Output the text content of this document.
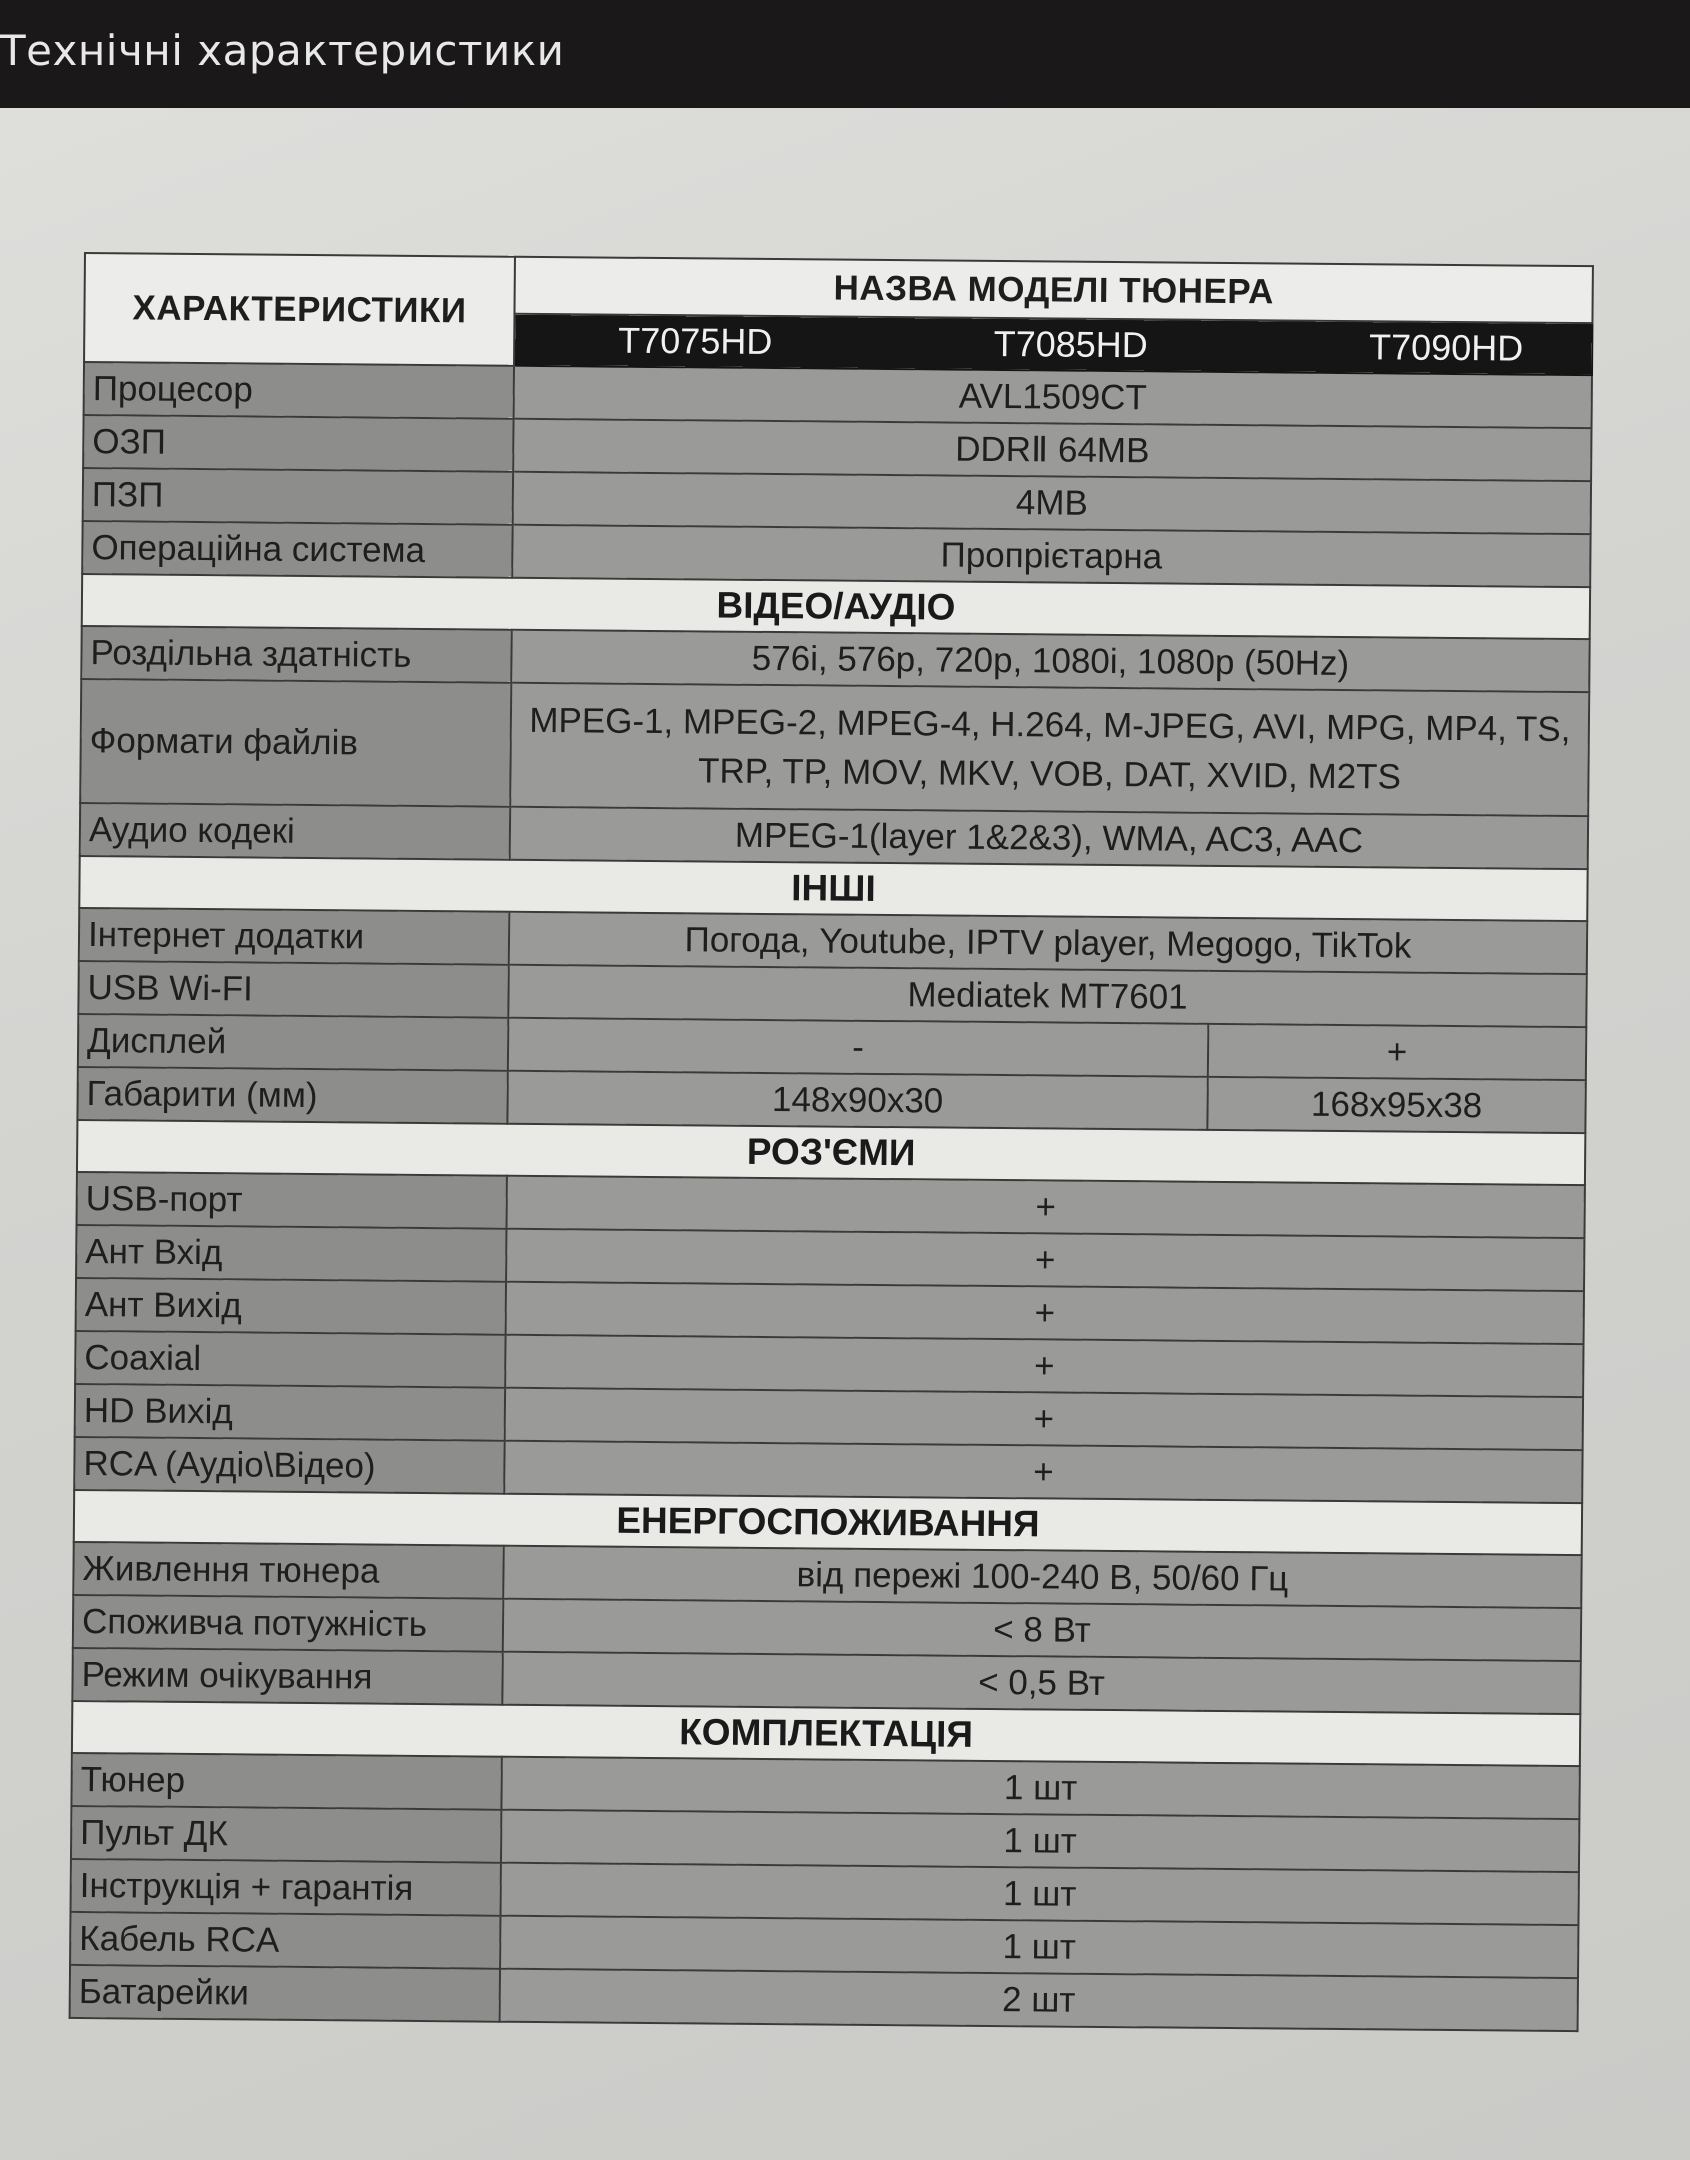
Технічні характеристики
ХАРАКТЕРИСТИКИ	НАЗВА МОДЕЛІ ТЮНЕРА	

	T7075HD T7085HD T7090HD	

Процесор	AVL1509CT	
ОЗП	DDRⅡ 64MB	
ПЗП	4MB	
Операційна система	Пропрієтарна	
ВІДЕО/АУДІО		
Роздільна здатність	576i, 576p, 720p, 1080i, 1080p (50Hz)	
Формати файлів	MPEG-1, MPEG-2, MPEG-4, H.264, M-JPEG, AVI, MPG, MP4, TS, TRP, TP, MOV, MKV, VOB, DAT, XVID, M2TS	
Аудио кодекі	MPEG-1(layer 1&2&3), WMA, AC3, AAC	
ІНШІ		
Інтернет додатки	Погода, Youtube, IPTV player, Megogo, TikTok	
USB Wi-FI	Mediatek MT7601	
Дисплей	-	+
Габарити (мм)	148x90x30	168x95x38
РОЗ'ЄМИ		
USB-порт	+	
Ант Вхід	+	
Ант Вихід	+	
Coaxial	+	
HD Вихід	+	
RCA (Аудіо\Відео)	+	
ЕНЕРГОСПОЖИВАННЯ		
Живлення тюнера	від пережі 100-240 В, 50/60 Гц	
Споживча потужність	< 8 Вт	
Режим очікування	< 0,5 Вт	
КОМПЛЕКТАЦІЯ		
Тюнер	1 шт	
Пульт ДК	1 шт	
Інструкція + гарантія	1 шт	
Кабель RCA	1 шт	
Батарейки	2 шт	
